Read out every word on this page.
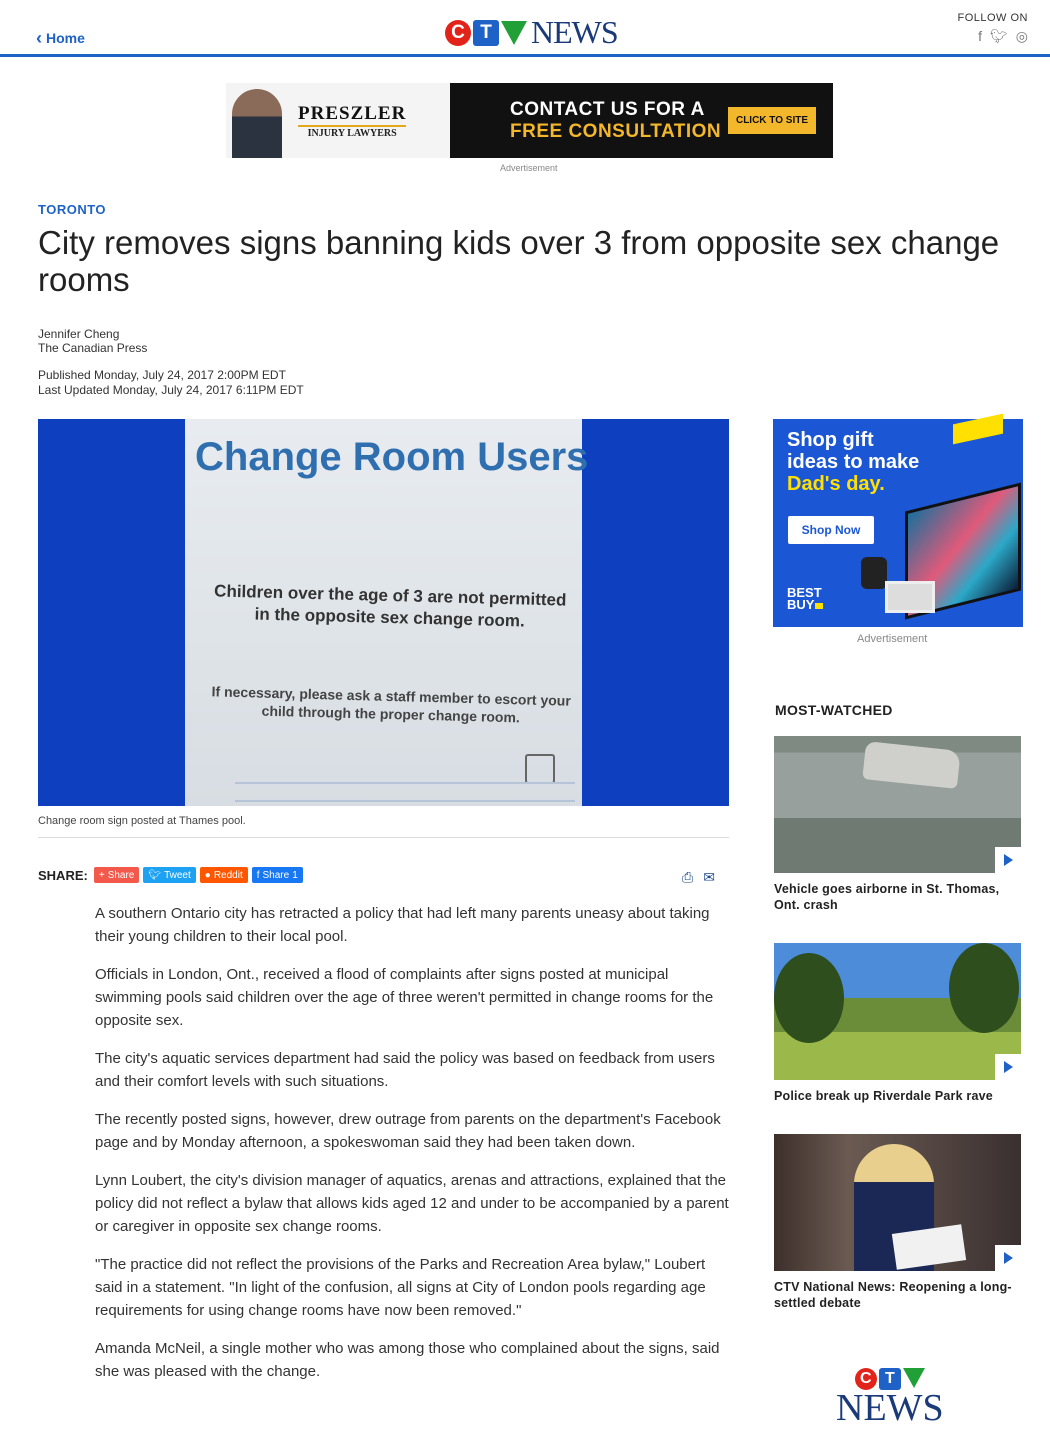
‹ Home	C T NEWS	FOLLOW ON
f 🐦︎ ◎
PRESZLER
INJURY LAWYERS
CONTACT US FOR A
FREE CONSULTATION	CLICK TO SITE
Advertisement
TORONTO
City removes signs banning kids over 3 from opposite sex change rooms
Jennifer Cheng
The Canadian Press
Published Monday, July 24, 2017 2:00PM EDT
Last Updated Monday, July 24, 2017 6:11PM EDT
Change Room Users
Children over the age of 3 are not permitted in the opposite sex change room.
If necessary, please ask a staff member to escort your child through the proper change room.
Change room sign posted at Thames pool.
SHARE: + Share 🐦︎ Tweet ● Reddit f Share 1	⎙ ✉

A southern Ontario city has retracted a policy that had left many parents uneasy about taking their young children to their local pool.

Officials in London, Ont., received a flood of complaints after signs posted at municipal swimming pools said children over the age of three weren't permitted in change rooms for the opposite sex.

The city's aquatic services department had said the policy was based on feedback from users and their comfort levels with such situations.

The recently posted signs, however, drew outrage from parents on the department's Facebook page and by Monday afternoon, a spokeswoman said they had been taken down.

Lynn Loubert, the city's division manager of aquatics, arenas and attractions, explained that the policy did not reflect a bylaw that allows kids aged 12 and under to be accompanied by a parent or caregiver in opposite sex change rooms.

"The practice did not reflect the provisions of the Parks and Recreation Area bylaw," Loubert said in a statement. "In light of the confusion, all signs at City of London pools regarding age requirements for using change rooms have now been removed."

Amanda McNeil, a single mother who was among those who complained about the signs, said she was pleased with the change.

Shop gift
ideas to make
Dad's day.
Shop Now
BEST
BUY
Advertisement
MOST-WATCHED
Vehicle goes airborne in St. Thomas, Ont. crash
Police break up Riverdale Park rave
CTV National News: Reopening a long-settled debate
C T
NEWS
